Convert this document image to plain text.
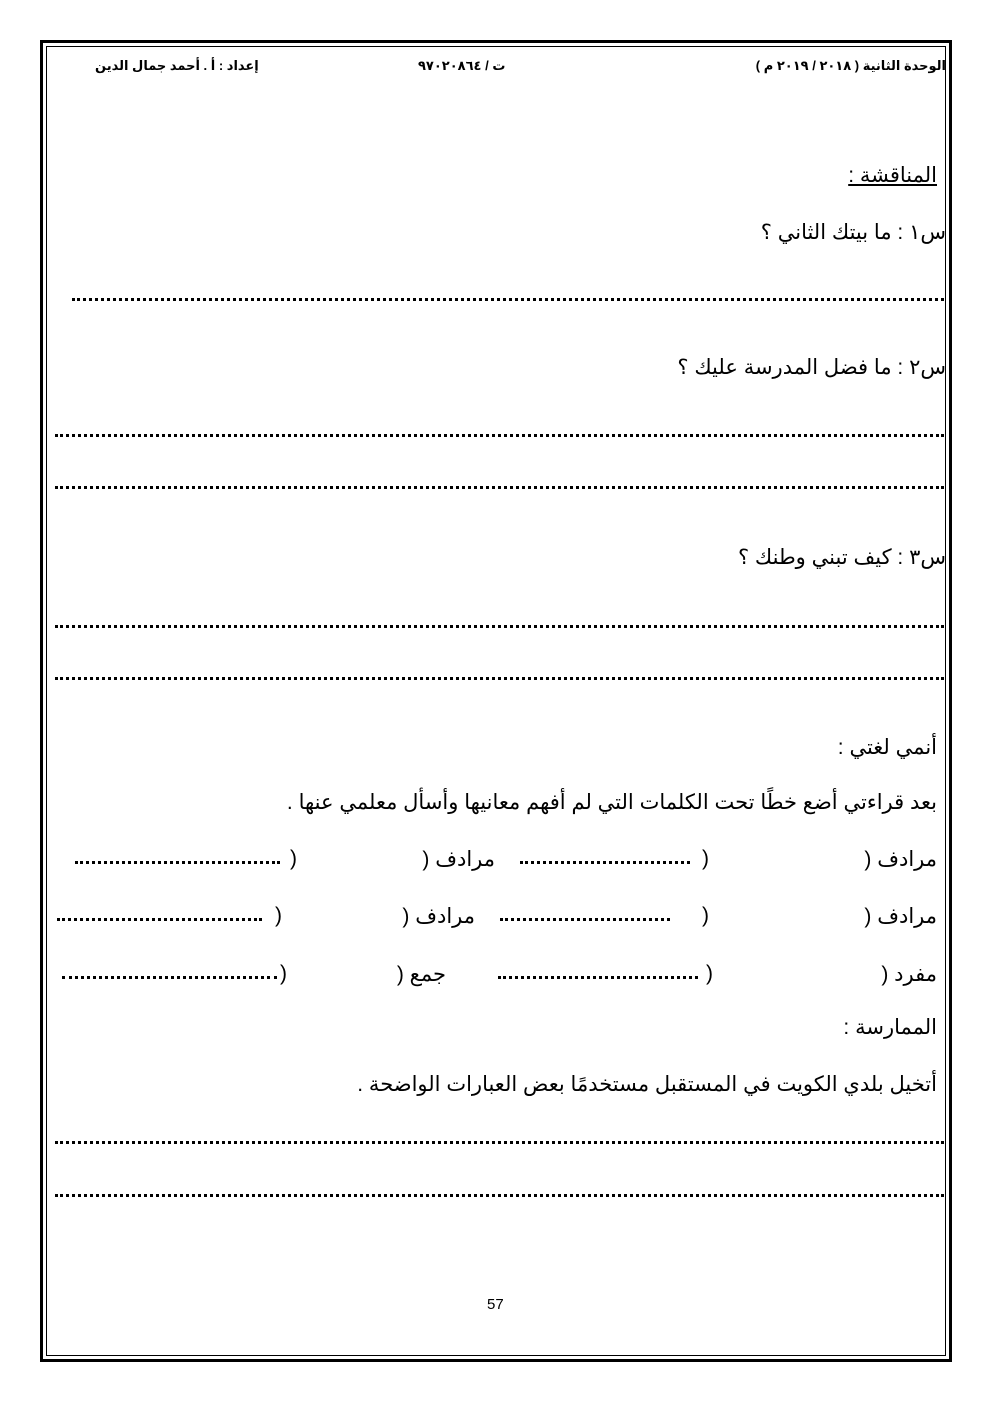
الوحدة الثانية ( ٢٠١٨ / ٢٠١٩ م )
ت / ٩٧٠٢٠٨٦٤
إعداد : أ . أحمد جمال الدين
المناقشة :
س١ : ما بيتك الثاني ؟
س٢ : ما فضل المدرسة عليك ؟
س٣ : كيف تبني وطنك ؟
أنمي لغتي :
بعد قراءتي أضع خطًا تحت الكلمات التي لم أفهم معانيها وأسأل معلمي عنها .
مرادف (
)
مرادف (
)
مرادف (
)
مرادف (
)
مفرد (
)
جمع (
)
الممارسة :
أتخيل بلدي الكويت في المستقبل مستخدمًا بعض العبارات الواضحة .
57
